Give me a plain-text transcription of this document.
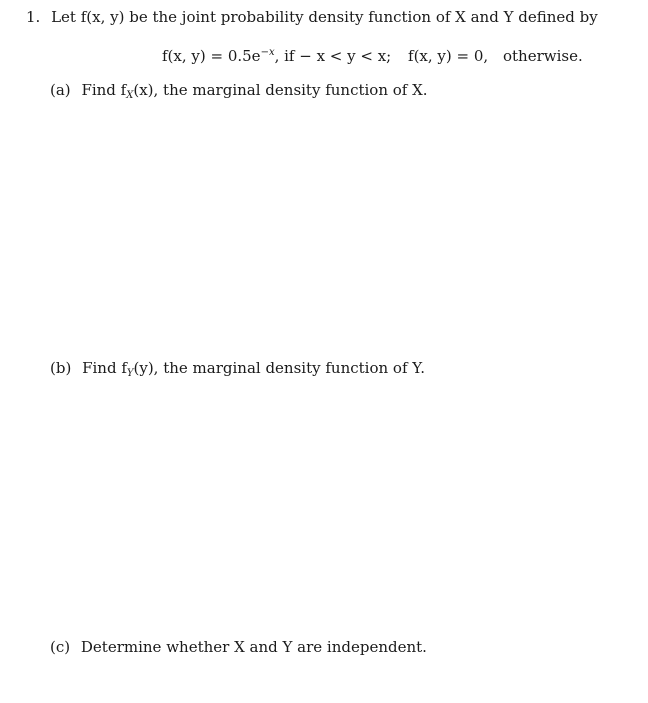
1. Let f(x, y) be the joint probability density function of X and Y defined by
f(x, $y) = 0.5e^{-x}$, if − x < y < x; f(x, y) = 0, otherwise.
(a) Find $f_X(x)$, the marginal density function of X.
(b) Find $f_Y(y)$, the marginal density function of Y.
(c) Determine whether X and Y are independent.
